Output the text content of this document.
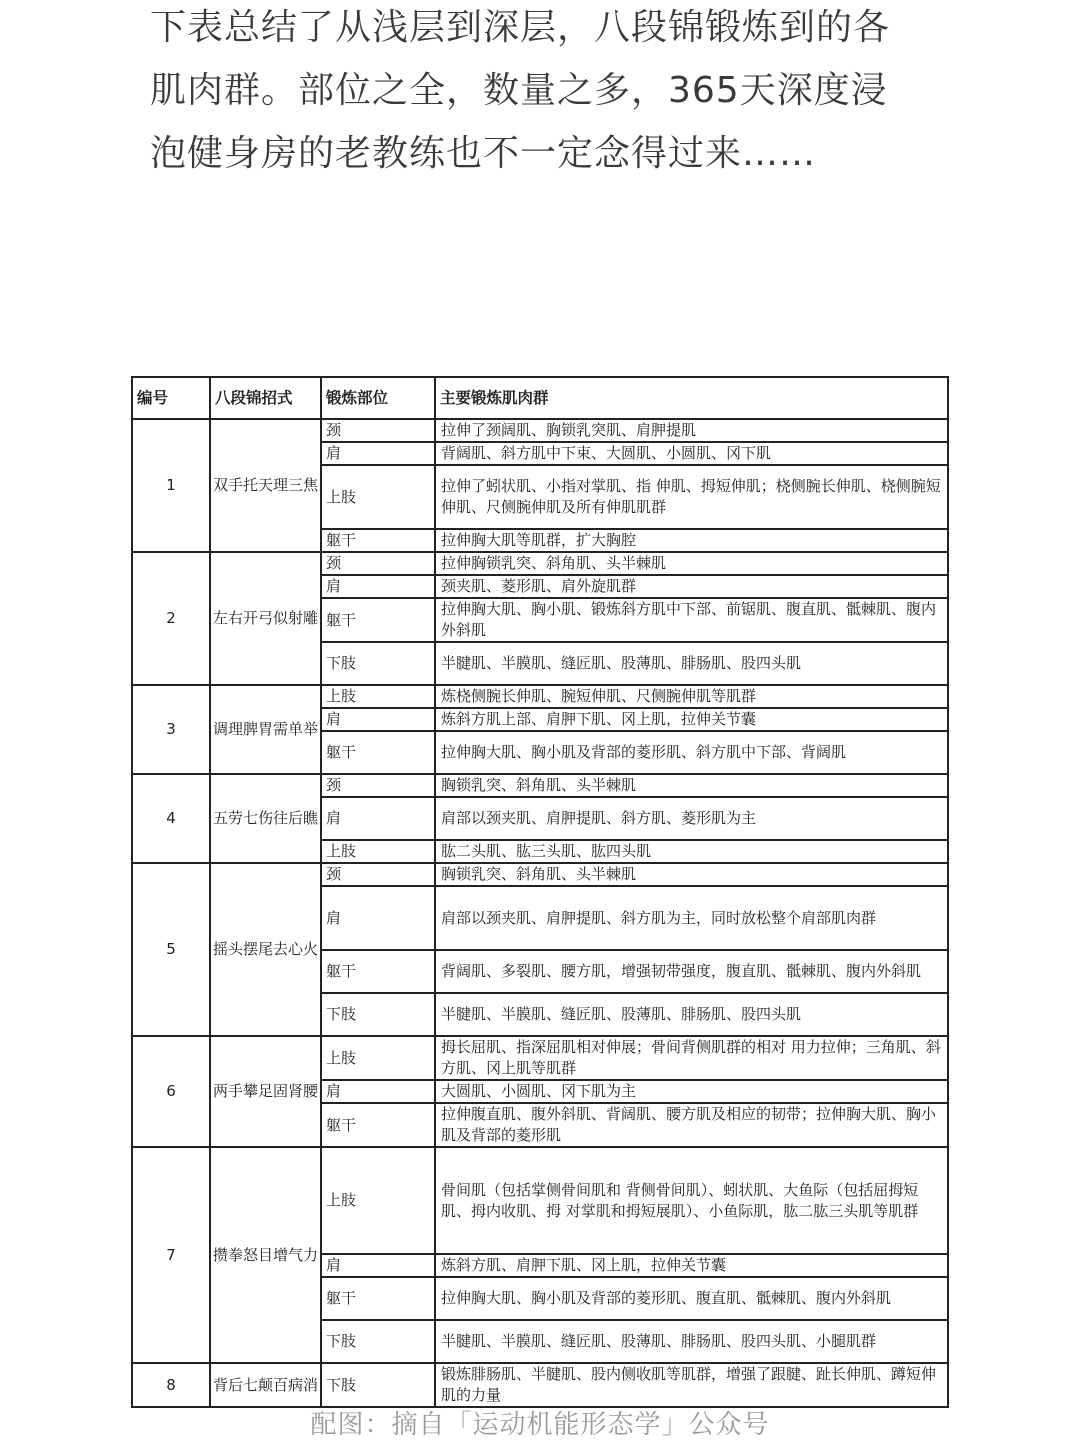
下表总结了从浅层到深层，八段锦锻炼到的各

肌肉群。部位之全，数量之多，365天深度浸

泡健身房的老教练也不一定念得过来……

编号	八段锦招式	锻炼部位	主要锻炼肌肉群
1	双手托天理三焦	颈	拉伸了颈阔肌、胸锁乳突肌、肩胛提肌
		肩	背阔肌、斜方肌中下束、大圆肌、小圆肌、冈下肌
		上肢	拉伸了蚓状肌、小指对掌肌、指 伸肌、拇短伸肌；桡侧腕长伸肌、桡侧腕短伸肌、尺侧腕伸肌及所有伸肌肌群
		躯干	拉伸胸大肌等肌群，扩大胸腔
2	左右开弓似射雕	颈	拉伸胸锁乳突、斜角肌、头半棘肌
		肩	颈夹肌、菱形肌、肩外旋肌群
		躯干	拉伸胸大肌、胸小肌、锻炼斜方肌中下部、前锯肌、腹直肌、骶棘肌、腹内外斜肌
		下肢	半腱肌、半膜肌、缝匠肌、股薄肌、腓肠肌、股四头肌
3	调理脾胃需单举	上肢	炼桡侧腕长伸肌、腕短伸肌、尺侧腕伸肌等肌群
		肩	炼斜方肌上部、肩胛下肌、冈上肌，拉伸关节囊
		躯干	拉伸胸大肌、胸小肌及背部的菱形肌、斜方肌中下部、背阔肌
4	五劳七伤往后瞧	颈	胸锁乳突、斜角肌、头半棘肌
		肩	肩部以颈夹肌、肩胛提肌、斜方肌、菱形肌为主
		上肢	肱二头肌、肱三头肌、肱四头肌
5	摇头摆尾去心火	颈	胸锁乳突、斜角肌、头半棘肌
		肩	肩部以颈夹肌、肩胛提肌、斜方肌为主，同时放松整个肩部肌肉群
		躯干	背阔肌、多裂肌、腰方肌，增强韧带强度，腹直肌、骶棘肌、腹内外斜肌
		下肢	半腱肌、半膜肌、缝匠肌、股薄肌、腓肠肌、股四头肌
6	两手攀足固肾腰	上肢	拇长屈肌、指深屈肌相对伸展；骨间背侧肌群的相对 用力拉伸；三角肌、斜方肌、冈上肌等肌群
		肩	大圆肌、小圆肌、冈下肌为主
		躯干	拉伸腹直肌、腹外斜肌、背阔肌、腰方肌及相应的韧带；拉伸胸大肌、胸小肌及背部的菱形肌
7	攒拳怒目增气力	上肢	骨间肌（包括掌侧骨间肌和 背侧骨间肌）、蚓状肌、大鱼际（包括屈拇短肌、拇内收肌、拇 对掌肌和拇短展肌）、小鱼际肌，肱二肱三头肌等肌群
		肩	炼斜方肌、肩胛下肌、冈上肌，拉伸关节囊
		躯干	拉伸胸大肌、胸小肌及背部的菱形肌、腹直肌、骶棘肌、腹内外斜肌
		下肢	半腱肌、半膜肌、缝匠肌、股薄肌、腓肠肌、股四头肌、小腿肌群
8	背后七颠百病消	下肢	锻炼腓肠肌、半腱肌、股内侧收肌等肌群，增强了跟腱、趾长伸肌、蹲短伸肌的力量
配图：摘自「运动机能形态学」公众号
